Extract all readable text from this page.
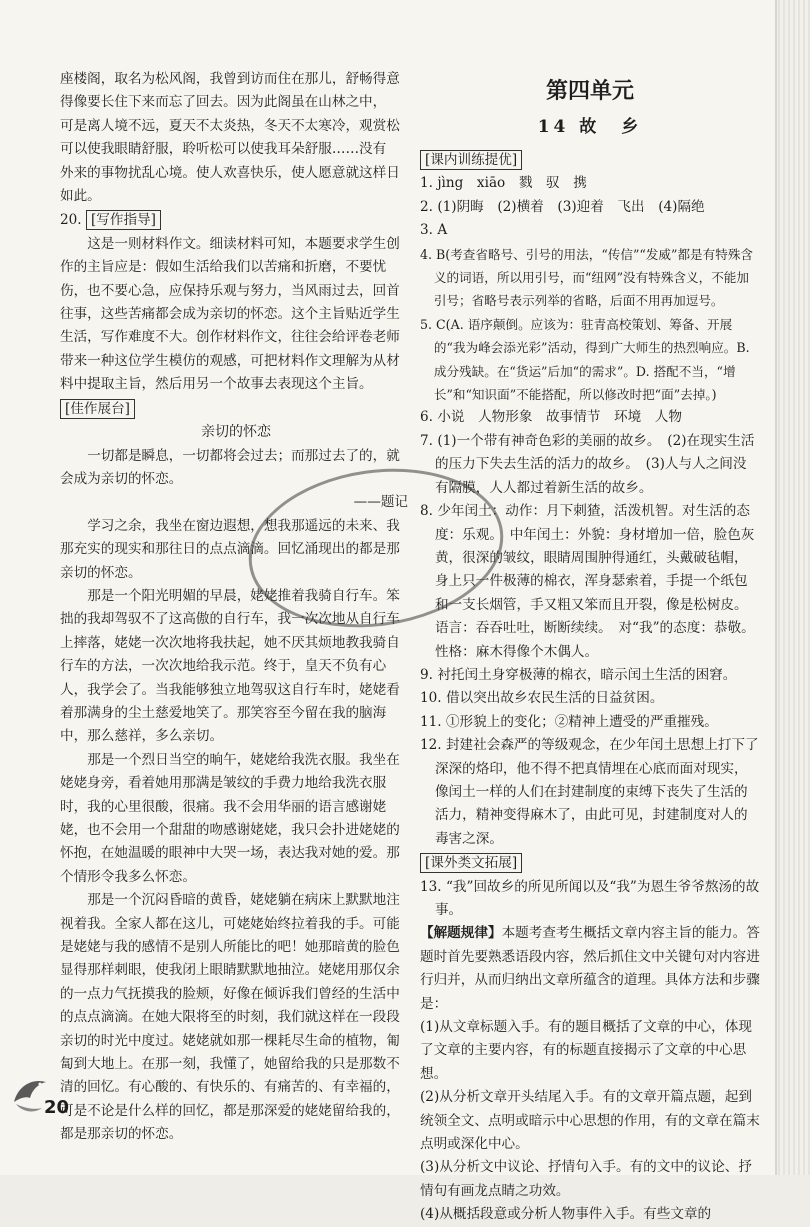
座楼阁，取名为松风阁，我曾到访而住在那儿，舒畅得意
得像要长住下来而忘了回去。因为此阁虽在山林之中，
可是离人境不远，夏天不太炎热，冬天不太寒冷，观赏松
可以使我眼睛舒服，聆听松可以使我耳朵舒服……没有
外来的事物扰乱心境。使人欢喜快乐，使人愿意就这样日
如此。
20. [写作指导]

这是一则材料作文。细读材料可知，本题要求学生创作的主旨应是：假如生活给我们以苦痛和折磨，不要忧伤，也不要心急，应保持乐观与努力，当风雨过去，回首往事，这些苦痛都会成为亲切的怀恋。这个主旨贴近学生生活，写作难度不大。创作材料作文，往往会给评卷老师带来一种这位学生模仿的观感，可把材料作文理解为从材料中提取主旨，然后用另一个故事去表现这个主旨。

[佳作展台]

亲切的怀恋

一切都是瞬息，一切都将会过去；而那过去了的，就会成为亲切的怀恋。

——题记

学习之余，我坐在窗边遐想，想我那遥远的未来、我那充实的现实和那往日的点点滴滴。回忆涌现出的都是那亲切的怀恋。

那是一个阳光明媚的早晨，姥姥推着我骑自行车。笨拙的我却驾驭不了这高傲的自行车，我一次次地从自行车上摔落，姥姥一次次地将我扶起，她不厌其烦地教我骑自行车的方法，一次次地给我示范。终于，皇天不负有心人，我学会了。当我能够独立地驾驭这自行车时，姥姥看着那满身的尘土慈爱地笑了。那笑容至今留在我的脑海中，那么慈祥，多么亲切。

那是一个烈日当空的晌午，姥姥给我洗衣服。我坐在姥姥身旁，看着她用那满是皱纹的手费力地给我洗衣服时，我的心里很酸，很痛。我不会用华丽的语言感谢姥姥，也不会用一个甜甜的吻感谢姥姥，我只会扑进姥姥的怀抱，在她温暖的眼神中大哭一场，表达我对她的爱。那个情形令我多么怀恋。

那是一个沉闷昏暗的黄昏，姥姥躺在病床上默默地注视着我。全家人都在这儿，可姥姥始终拉着我的手。可能是姥姥与我的感情不是别人所能比的吧！她那暗黄的脸色显得那样刺眼，使我闭上眼睛默默地抽泣。姥姥用那仅余的一点力气抚摸我的脸颊，好像在倾诉我们曾经的生活中的点点滴滴。在她大限将至的时刻，我们就这样在一段段亲切的时光中度过。姥姥就如那一棵耗尽生命的植物，匍匐到大地上。在那一刻，我懂了，她留给我的只是那数不清的回忆。有心酸的、有快乐的、有痛苦的、有幸福的，可是不论是什么样的回忆，都是那深爱的姥姥留给我的，都是那亲切的怀恋。

第四单元

14 故　乡

[课内训练提优]
1. jìng　xiāo　戮　驭　携
2. (1)阴晦　(2)横着　(3)迎着　飞出　(4)隔绝
3. A
4. B(考查省略号、引号的用法，“传信”“发威”都是有特殊含义的词语，所以用引号，而“纽网”没有特殊含义，不能加引号；省略号表示列举的省略，后面不用再加逗号。
5. C(A. 语序颠倒。应该为：驻青高校策划、筹备、开展的“我为峰会添光彩”活动，得到广大师生的热烈响应。B. 成分残缺。在“货运”后加“的需求”。D. 搭配不当，“增长”和“知识面”不能搭配，所以修改时把“面”去掉。)
6. 小说　人物形象　故事情节　环境　人物
7. (1)一个带有神奇色彩的美丽的故乡。　(2)在现实生活的压力下失去生活的活力的故乡。　(3)人与人之间没有隔膜，人人都过着新生活的故乡。
8. 少年闰土：动作：月下刺猹，活泼机智。对生活的态度：乐观。　中年闰土：外貌：身材增加一倍，脸色灰黄，很深的皱纹，眼睛周围肿得通红，头戴破毡帽，身上只一件极薄的棉衣，浑身瑟索着，手提一个纸包和一支长烟管，手又粗又笨而且开裂，像是松树皮。　语言：吞吞吐吐，断断续续。　对“我”的态度：恭敬。　性格：麻木得像个木偶人。
9. 衬托闰土身穿极薄的棉衣，暗示闰土生活的困窘。
10. 借以突出故乡农民生活的日益贫困。
11. ①形貌上的变化；②精神上遭受的严重摧残。
12. 封建社会森严的等级观念，在少年闰土思想上打下了深深的烙印，他不得不把真情埋在心底而面对现实，像闰土一样的人们在封建制度的束缚下丧失了生活的活力，精神变得麻木了，由此可见，封建制度对人的毒害之深。
[课外类文拓展]
13. “我”回故乡的所见所闻以及“我”为恩生爷爷熬汤的故事。

【解题规律】本题考查考生概括文章内容主旨的能力。答题时首先要熟悉语段内容，然后抓住文中关键句对内容进行归并，从而归纳出文章所蕴含的道理。具体方法和步骤是：

(1)从文章标题入手。有的题目概括了文章的中心，体现了文章的主要内容，有的标题直接揭示了文章的中心思想。

(2)从分析文章开头结尾入手。有的文章开篇点题，起到统领全文、点明或暗示中心思想的作用，有的文章在篇末点明或深化中心。

(3)从分析文中议论、抒情句入手。有的文中的议论、抒情句有画龙点睛之功效。

(4)从概括段意或分析人物事件入手。有些文章的

20
